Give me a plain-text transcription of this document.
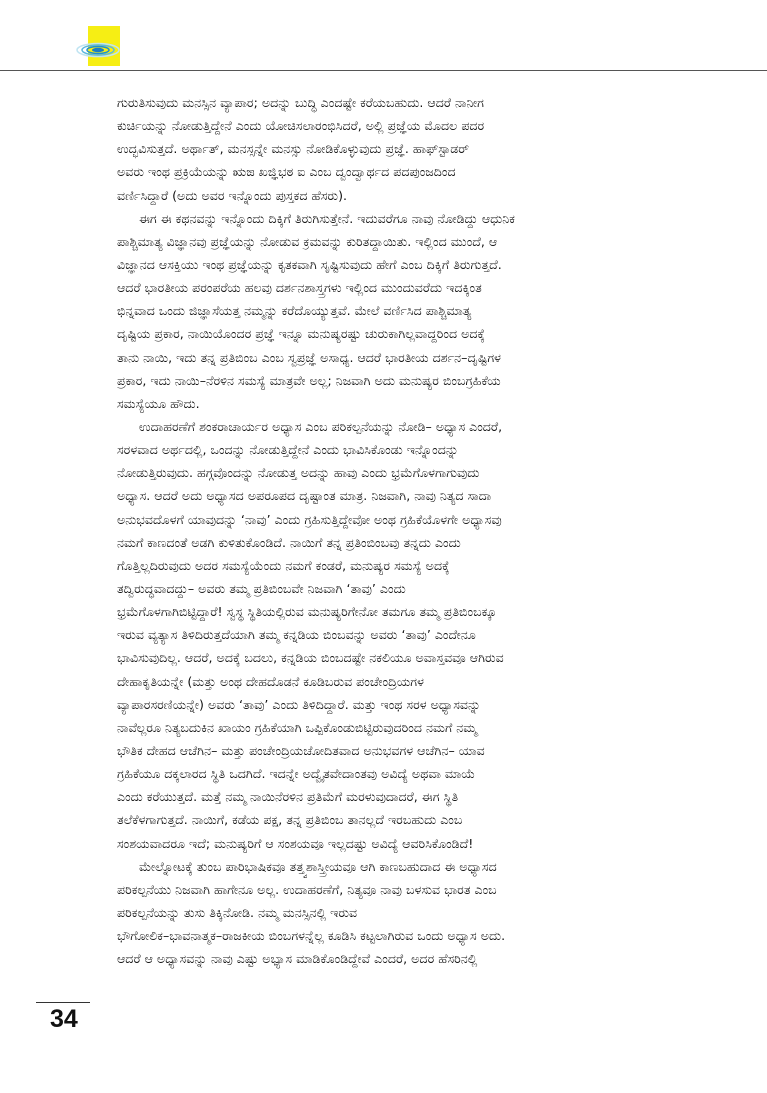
ಗುರುತಿಸುವುದು ಮನಸ್ಸಿನ ವ್ಯಾಪಾರ; ಅದನ್ನು ಬುದ್ಧಿ ಎಂದಷ್ಟೇ ಕರೆಯಬಹುದು. ಆದರೆ ನಾನೀಗ
ಕುರ್ಚಿಯನ್ನು ನೋಡುತ್ತಿದ್ದೇನೆ ಎಂದು ಯೋಚಿಸಲಾರಂಭಿಸಿದರೆ, ಅಲ್ಲಿ ಪ್ರಜ್ಞೆಯ ಮೊದಲ ಪದರ
ಉದ್ಭವಿಸುತ್ತದೆ. ಅರ್ಥಾತ್, ಮನಸ್ಸನ್ನೇ ಮನಸ್ಸು ನೋಡಿಕೊಳ್ಳುವುದು ಪ್ರಜ್ಞೆ. ಹಾಫ್‌ಸ್ಟಾಡರ್
ಅವರು ಇಂಥ ಪ್ರಕ್ರಿಯೆಯನ್ನು ಋಙ ಖಜ್ಞಿಭಠ ಐ ಎಂಬ ದ್ವಂದ್ವಾರ್ಥದ ಪದಪುಂಜದಿಂದ
ವರ್ಣಿಸಿದ್ದಾರೆ (ಅದು ಅವರ ಇನ್ನೊಂದು ಪುಸ್ತಕದ ಹೆಸರು).
ಈಗ ಈ ಕಥನವನ್ನು ಇನ್ನೊಂದು ದಿಕ್ಕಿಗೆ ತಿರುಗಿಸುತ್ತೇನೆ. ಇದುವರೆಗೂ ನಾವು ನೋಡಿದ್ದು ಆಧುನಿಕ
ಪಾಶ್ಚಿಮಾತ್ಯ ವಿಜ್ಞಾನವು ಪ್ರಜ್ಞೆಯನ್ನು ನೋಡುವ ಕ್ರಮವನ್ನು ಕುರಿತದ್ದಾಯಿತು. ಇಲ್ಲಿಂದ ಮುಂದೆ, ಆ
ವಿಜ್ಞಾನದ ಆಸಕ್ತಿಯು ಇಂಥ ಪ್ರಜ್ಞೆಯನ್ನು ಕೃತಕವಾಗಿ ಸೃಷ್ಟಿಸುವುದು ಹೇಗೆ ಎಂಬ ದಿಕ್ಕಿಗೆ ತಿರುಗುತ್ತದೆ.
ಆದರೆ ಭಾರತೀಯ ಪರಂಪರೆಯ ಹಲವು ದರ್ಶನಶಾಸ್ತ್ರಗಳು ಇಲ್ಲಿಂದ ಮುಂದುವರೆದು ಇದಕ್ಕಿಂತ
ಭಿನ್ನವಾದ ಒಂದು ಜಿಜ್ಞಾಸೆಯತ್ತ ನಮ್ಮನ್ನು ಕರೆದೊಯ್ಯುತ್ತವೆ. ಮೇಲೆ ವರ್ಣಿಸಿದ ಪಾಶ್ಚಿಮಾತ್ಯ
ದೃಷ್ಟಿಯ ಪ್ರಕಾರ, ನಾಯಿಯೊಂದರ ಪ್ರಜ್ಞೆ ಇನ್ನೂ ಮನುಷ್ಯರಷ್ಟು ಚುರುಕಾಗಿಲ್ಲವಾದ್ದರಿಂದ ಅದಕ್ಕೆ
ತಾನು ನಾಯಿ, ಇದು ತನ್ನ ಪ್ರತಿಬಿಂಬ ಎಂಬ ಸ್ವಪ್ರಜ್ಞೆ ಅಸಾಧ್ಯ. ಆದರೆ ಭಾರತೀಯ ದರ್ಶನ–ದೃಷ್ಟಿಗಳ
ಪ್ರಕಾರ, ಇದು ನಾಯಿ–ನೆರಳಿನ ಸಮಸ್ಯೆ ಮಾತ್ರವೇ ಅಲ್ಲ; ನಿಜವಾಗಿ ಅದು ಮನುಷ್ಯರ ಬಿಂಬಗ್ರಹಿಕೆಯ
ಸಮಸ್ಯೆಯೂ ಹೌದು.
ಉದಾಹರಣೆಗೆ ಶಂಕರಾಚಾರ್ಯರ ಅಧ್ಯಾಸ ಎಂಬ ಪರಿಕಲ್ಪನೆಯನ್ನು ನೋಡಿ– ಅಧ್ಯಾಸ ಎಂದರೆ,
ಸರಳವಾದ ಅರ್ಥದಲ್ಲಿ, ಒಂದನ್ನು ನೋಡುತ್ತಿದ್ದೇನೆ ಎಂದು ಭಾವಿಸಿಕೊಂಡು ಇನ್ನೊಂದನ್ನು
ನೋಡುತ್ತಿರುವುದು. ಹಗ್ಗವೊಂದನ್ನು ನೋಡುತ್ತ ಅದನ್ನು ಹಾವು ಎಂದು ಭ್ರಮೆಗೊಳಗಾಗುವುದು
ಅಧ್ಯಾಸ. ಆದರೆ ಅದು ಅಧ್ಯಾಸದ ಅಪರೂಪದ ದೃಷ್ಟಾಂತ ಮಾತ್ರ. ನಿಜವಾಗಿ, ನಾವು ನಿತ್ಯದ ಸಾದಾ
ಅನುಭವದೊಳಗೆ ಯಾವುದನ್ನು ‘ನಾವು’ ಎಂದು ಗ್ರಹಿಸುತ್ತಿದ್ದೇವೋ ಅಂಥ ಗ್ರಹಿಕೆಯೊಳಗೇ ಅಧ್ಯಾಸವು
ನಮಗೆ ಕಾಣದಂತೆ ಅಡಗಿ ಕುಳಿತುಕೊಂಡಿದೆ. ನಾಯಿಗೆ ತನ್ನ ಪ್ರತಿಂಬಿಂಬವು ತನ್ನದು ಎಂದು
ಗೊತ್ತಿಲ್ಲದಿರುವುದು ಅದರ ಸಮಸ್ಯೆಯೆಂದು ನಮಗೆ ಕಂಡರೆ, ಮನುಷ್ಯರ ಸಮಸ್ಯೆ ಅದಕ್ಕೆ
ತದ್ವಿರುದ್ಧವಾದದ್ದು– ಅವರು ತಮ್ಮ ಪ್ರತಿಬಿಂಬವೇ ನಿಜವಾಗಿ ‘ತಾವು’ ಎಂದು
ಭ್ರಮೆಗೊಳಗಾಗಿಬಿಟ್ಟಿದ್ದಾರೆ! ಸ್ವಸ್ಥ ಸ್ಥಿತಿಯಲ್ಲಿರುವ ಮನುಷ್ಯರಿಗೇನೋ ತಮಗೂ ತಮ್ಮ ಪ್ರತಿಬಿಂಬಕ್ಕೂ
ಇರುವ ವ್ಯತ್ಯಾಸ ತಿಳಿದಿರುತ್ತದೆಯಾಗಿ ತಮ್ಮ ಕನ್ನಡಿಯ ಬಿಂಬವನ್ನು ಅವರು ‘ತಾವು’ ಎಂದೇನೂ
ಭಾವಿಸುವುದಿಲ್ಲ. ಆದರೆ, ಅದಕ್ಕೆ ಬದಲು, ಕನ್ನಡಿಯ ಬಿಂಬದಷ್ಟೇ ನಕಲಿಯೂ ಅವಾಸ್ತವವೂ ಆಗಿರುವ
ದೇಹಾಕೃತಿಯನ್ನೇ (ಮತ್ತು ಅಂಥ ದೇಹದೊಡನೆ ಕೂಡಿಬರುವ ಪಂಚೇಂದ್ರಿಯಗಳ
ವ್ಯಾಪಾರಸರಣಿಯನ್ನೇ) ಅವರು ‘ತಾವು’ ಎಂದು ತಿಳಿದಿದ್ದಾರೆ. ಮತ್ತು ಇಂಥ ಸರಳ ಅಧ್ಯಾಸವನ್ನು
ನಾವೆಲ್ಲರೂ ನಿತ್ಯಬದುಕಿನ ಖಾಯಂ ಗ್ರಹಿಕೆಯಾಗಿ ಒಪ್ಪಿಕೊಂಡುಬಿಟ್ಟಿರುವುದರಿಂದ ನಮಗೆ ನಮ್ಮ
ಭೌತಿಕ ದೇಹದ ಆಚೆಗಿನ– ಮತ್ತು ಪಂಚೇಂದ್ರಿಯಚೋದಿತವಾದ ಅನುಭವಗಳ ಆಚೆಗಿನ– ಯಾವ
ಗ್ರಹಿಕೆಯೂ ದಕ್ಕಲಾರದ ಸ್ಥಿತಿ ಒದಗಿದೆ. ಇದನ್ನೇ ಅದ್ವೈತವೇದಾಂತವು ಅವಿದ್ಯೆ ಅಥವಾ ಮಾಯೆ
ಎಂದು ಕರೆಯುತ್ತದೆ. ಮತ್ತೆ ನಮ್ಮ ನಾಯಿನೆರಳಿನ ಪ್ರತಿಮೆಗೆ ಮರಳುವುದಾದರೆ, ಈಗ ಸ್ಥಿತಿ
ತಲೆಕೆಳಗಾಗುತ್ತದೆ. ನಾಯಿಗೆ, ಕಡೆಯ ಪಕ್ಷ, ತನ್ನ ಪ್ರತಿಬಿಂಬ ತಾನಲ್ಲದೆ ಇರಬಹುದು ಎಂಬ
ಸಂಶಯವಾದರೂ ಇದೆ; ಮನುಷ್ಯರಿಗೆ ಆ ಸಂಶಯವೂ ಇಲ್ಲದಷ್ಟು ಅವಿದ್ಯೆ ಆವರಿಸಿಕೊಂಡಿದೆ!
ಮೇಲ್ನೋಟಕ್ಕೆ ತುಂಬ ಪಾರಿಭಾಷಿಕವೂ ತತ್ತ್ವಶಾಸ್ತ್ರೀಯವೂ ಆಗಿ ಕಾಣಬಹುದಾದ ಈ ಅಧ್ಯಾಸದ
ಪರಿಕಲ್ಪನೆಯು ನಿಜವಾಗಿ ಹಾಗೇನೂ ಅಲ್ಲ. ಉದಾಹರಣೆಗೆ, ನಿತ್ಯವೂ ನಾವು ಬಳಸುವ ಭಾರತ ಎಂಬ
ಪರಿಕಲ್ಪನೆಯನ್ನು ತುಸು ತಿಕ್ಕಿನೋಡಿ. ನಮ್ಮ ಮನಸ್ಸಿನಲ್ಲಿ ಇರುವ
ಭೌಗೋಲಿಕ–ಭಾವನಾತ್ಮಕ–ರಾಜಕೀಯ ಬಿಂಬಗಳನ್ನೆಲ್ಲ ಕೂಡಿಸಿ ಕಟ್ಟಲಾಗಿರುವ ಒಂದು ಅಧ್ಯಾಸ ಅದು.
ಆದರೆ ಆ ಅಧ್ಯಾಸವನ್ನು ನಾವು ಎಷ್ಟು ಅಭ್ಯಾಸ ಮಾಡಿಕೊಂಡಿದ್ದೇವೆ ಎಂದರೆ, ಅದರ ಹೆಸರಿನಲ್ಲಿ
34
